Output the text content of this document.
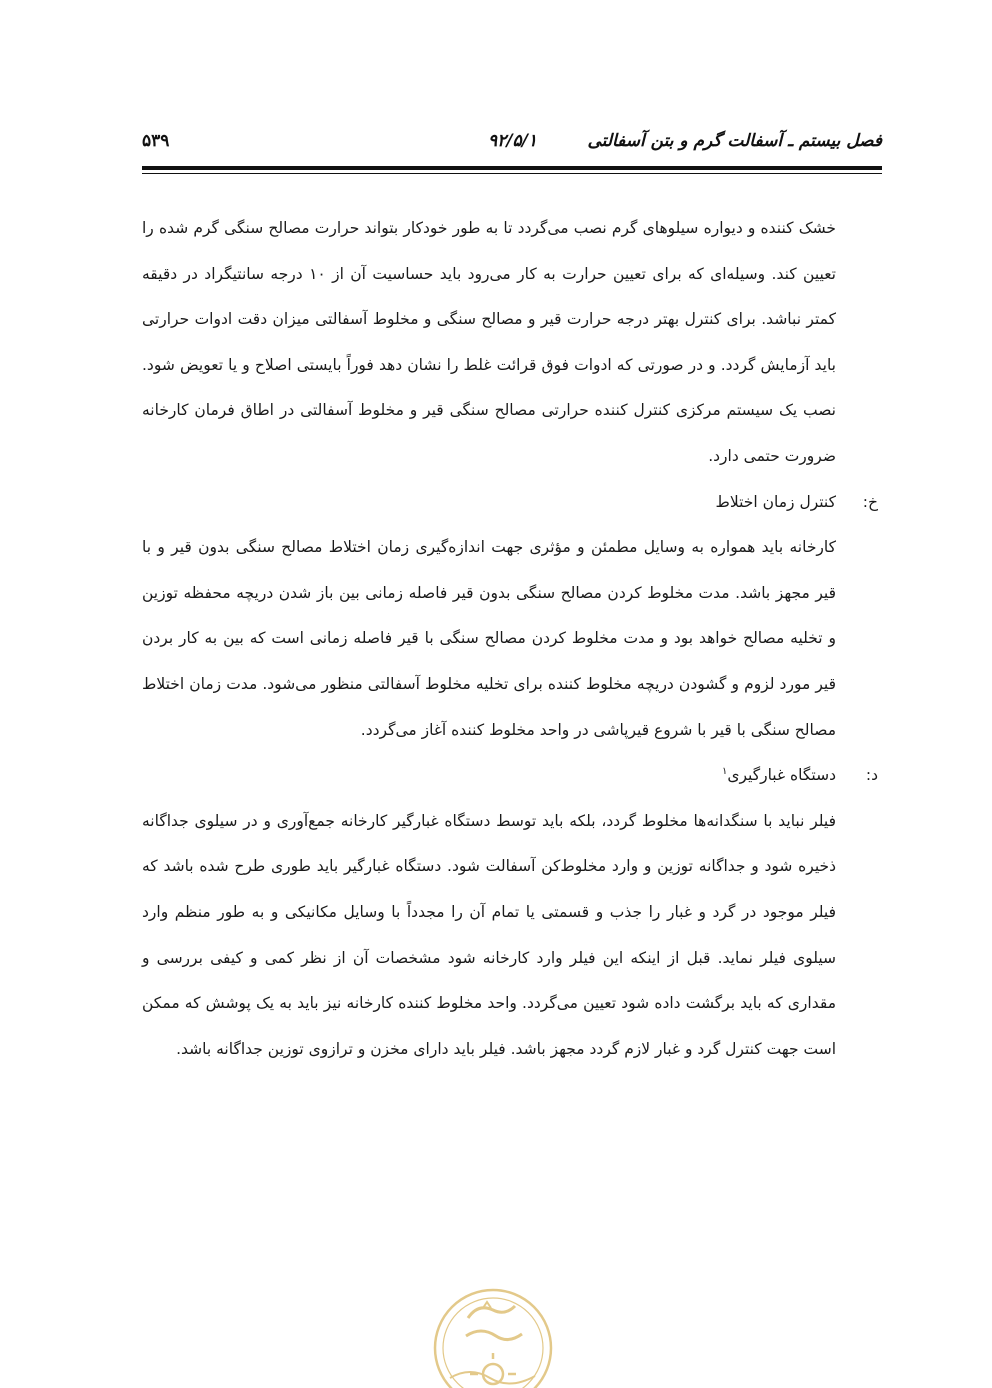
فصل بیستم ـ آسفالت گرم و بتن آسفالتی
۹۲/۵/۱
۵۳۹

خشک کننده و دیواره سیلوهای گرم نصب می‌گردد تا به طور خودکار بتواند حرارت مصالح سنگی گرم شده را تعیین کند. وسیله‌ای که برای تعیین حرارت به کار می‌رود باید حساسیت آن از ۱۰ درجه سانتیگراد در دقیقه کمتر نباشد. برای کنترل بهتر درجه حرارت قیر و مصالح سنگی و مخلوط آسفالتی میزان دقت ادوات حرارتی باید آزمایش گردد. و در صورتی که ادوات فوق قرائت غلط را نشان دهد فوراً بایستی اصلاح و یا تعویض شود. نصب یک سیستم مرکزی کنترل کننده حرارتی مصالح سنگی قیر و مخلوط آسفالتی در اطاق فرمان کارخانه ضرورت حتمی دارد.

خ:
کنترل زمان اختلاط

کارخانه باید همواره به وسایل مطمئن و مؤثری جهت اندازه‌گیری زمان اختلاط مصالح سنگی بدون قیر و با قیر مجهز باشد. مدت مخلوط کردن مصالح سنگی بدون قیر فاصله زمانی بین باز شدن دریچه محفظه توزین و تخلیه مصالح خواهد بود و مدت مخلوط کردن مصالح سنگی با قیر فاصله زمانی است که بین به کار بردن قیر مورد لزوم و گشودن دریچه مخلوط کننده برای تخلیه مخلوط آسفالتی منظور می‌شود. مدت زمان اختلاط مصالح سنگی با قیر با شروع قیرپاشی در واحد مخلوط کننده آغاز می‌گردد.

د:
دستگاه غبارگیری$^۱$

فیلر نباید با سنگدانه‌ها مخلوط گردد، بلکه باید توسط دستگاه غبارگیر کارخانه جمع‌آوری و در سیلوی جداگانه ذخیره شود و جداگانه توزین و وارد مخلوط‌کن آسفالت شود. دستگاه غبارگیر باید طوری طرح شده باشد که فیلر موجود در گرد و غبار را جذب و قسمتی یا تمام آن را مجدداً با وسایل مکانیکی و به طور منظم وارد سیلوی فیلر نماید. قبل از اینکه این فیلر وارد کارخانه شود مشخصات آن از نظر کمی و کیفی بررسی و مقداری که باید برگشت داده شود تعیین می‌گردد. واحد مخلوط کننده کارخانه نیز باید به یک پوشش که ممکن است جهت کنترل گرد و غبار لازم گردد مجهز باشد. فیلر باید دارای مخزن و ترازوی توزین جداگانه باشد.
